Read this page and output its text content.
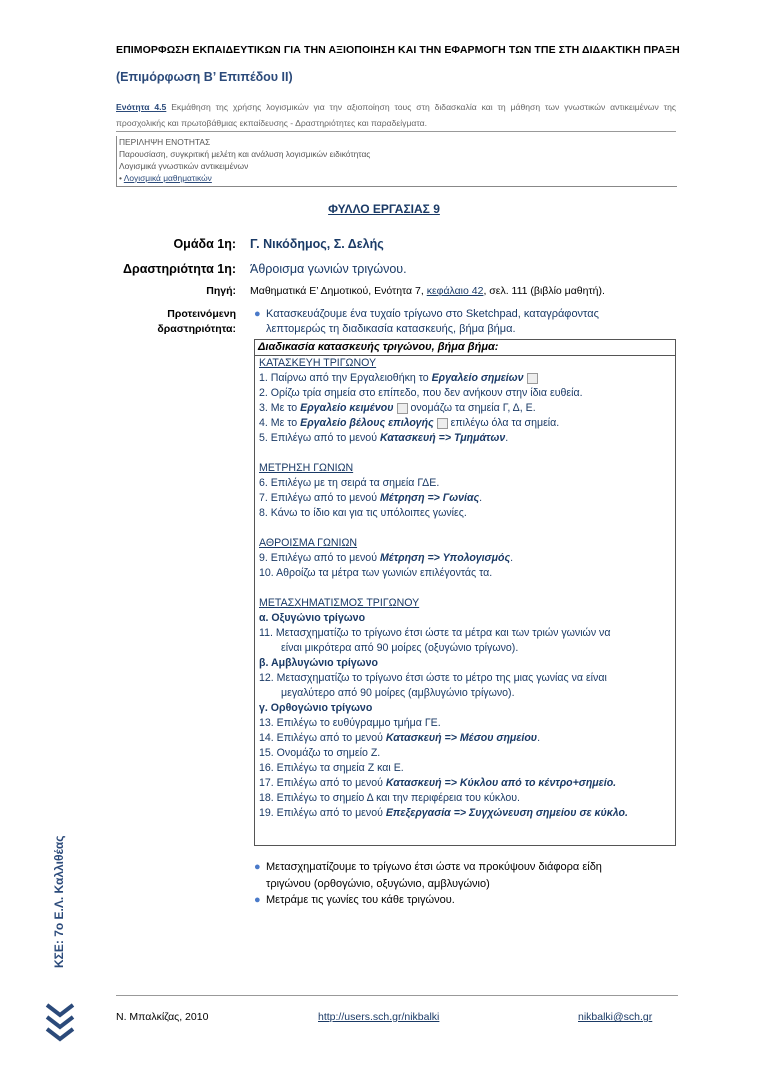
ΕΠΙΜΟΡΦΩΣΗ ΕΚΠΑΙΔΕΥΤΙΚΩΝ ΓΙΑ ΤΗΝ ΑΞΙΟΠΟΙΗΣΗ ΚΑΙ ΤΗΝ ΕΦΑΡΜΟΓΗ ΤΩΝ ΤΠΕ ΣΤΗ ΔΙΔΑΚΤΙΚΗ ΠΡΑΞΗ
(Επιμόρφωση Β’ Επιπέδου ΙΙ)
Ενότητα 4.5 Εκμάθηση της χρήσης λογισμικών για την αξιοποίηση τους στη διδασκαλία και τη μάθηση των γνωστικών αντικειμένων της προσχολικής και πρωτοβάθμιας εκπαίδευσης - Δραστηριότητες και παραδείγματα.
ΠΕΡΙΛΗΨΗ ΕΝΟΤΗΤΑΣ
Παρουσίαση, συγκριτική μελέτη και ανάλυση λογισμικών ειδικότητας
Λογισμικά γνωστικών αντικειμένων
• Λογισμικά μαθηματικών
ΦΥΛΛΟ ΕΡΓΑΣΙΑΣ 9
Ομάδα 1η: Γ. Νικόδημος, Σ. Δελής
Δραστηριότητα 1η: Άθροισμα γωνιών τριγώνου.
Πηγή: Μαθηματικά Ε’ Δημοτικού, Ενότητα 7, κεφάλαιο 42, σελ. 111 (βιβλίο μαθητή).
Προτεινόμενη
δραστηριότητα:
● Κατασκευάζουμε ένα τυχαίο τρίγωνο στο Sketchpad, καταγράφοντας
λεπτομερώς τη διαδικασία κατασκευής, βήμα βήμα.
Διαδικασία κατασκευής τριγώνου, βήμα βήμα:
ΚΑΤΑΣΚΕΥΗ ΤΡΙΓΩΝΟΥ
1. Παίρνω από την Εργαλειοθήκη το Εργαλείο σημείων
2. Ορίζω τρία σημεία στο επίπεδο, που δεν ανήκουν στην ίδια ευθεία.
3. Με το Εργαλείο κειμένου ονομάζω τα σημεία Γ, Δ, Ε.
4. Με το Εργαλείο βέλους επιλογής επιλέγω όλα τα σημεία.
5. Επιλέγω από το μενού Κατασκευή => Τμημάτων.
ΜΕΤΡΗΣΗ ΓΩΝΙΩΝ
6. Επιλέγω με τη σειρά τα σημεία ΓΔΕ.
7. Επιλέγω από το μενού Μέτρηση => Γωνίας.
8. Κάνω το ίδιο και για τις υπόλοιπες γωνίες.
ΑΘΡΟΙΣΜΑ ΓΩΝΙΩΝ
9. Επιλέγω από το μενού Μέτρηση => Υπολογισμός.
10. Αθροίζω τα μέτρα των γωνιών επιλέγοντάς τα.
ΜΕΤΑΣΧΗΜΑΤΙΣΜΟΣ ΤΡΙΓΩΝΟΥ
α. Οξυγώνιο τρίγωνο
11. Μετασχηματίζω το τρίγωνο έτσι ώστε τα μέτρα και των τριών γωνιών να
είναι μικρότερα από 90 μοίρες (οξυγώνιο τρίγωνο).
β. Αμβλυγώνιο τρίγωνο
12. Μετασχηματίζω το τρίγωνο έτσι ώστε το μέτρο της μιας γωνίας να είναι
μεγαλύτερο από 90 μοίρες (αμβλυγώνιο τρίγωνο).
γ. Ορθογώνιο τρίγωνο
13. Επιλέγω το ευθύγραμμο τμήμα ΓΕ.
14. Επιλέγω από το μενού Κατασκευή => Μέσου σημείου.
15. Ονομάζω το σημείο Ζ.
16. Επιλέγω τα σημεία Ζ και Ε.
17. Επιλέγω από το μενού Κατασκευή => Κύκλου από το κέντρο+σημείο.
18. Επιλέγω το σημείο Δ και την περιφέρεια του κύκλου.
19. Επιλέγω από το μενού Επεξεργασία => Συγχώνευση σημείου σε κύκλο.
● Μετασχηματίζουμε το τρίγωνο έτσι ώστε να προκύψουν διάφορα είδη
τριγώνου (ορθογώνιο, οξυγώνιο, αμβλυγώνιο)
● Μετράμε τις γωνίες του κάθε τριγώνου.
ΚΣΕ: 7ο Ε.Λ. Καλλιθέας
Ν. Μπαλκίζας, 2010	http://users.sch.gr/nikbalki	nikbalki@sch.gr
